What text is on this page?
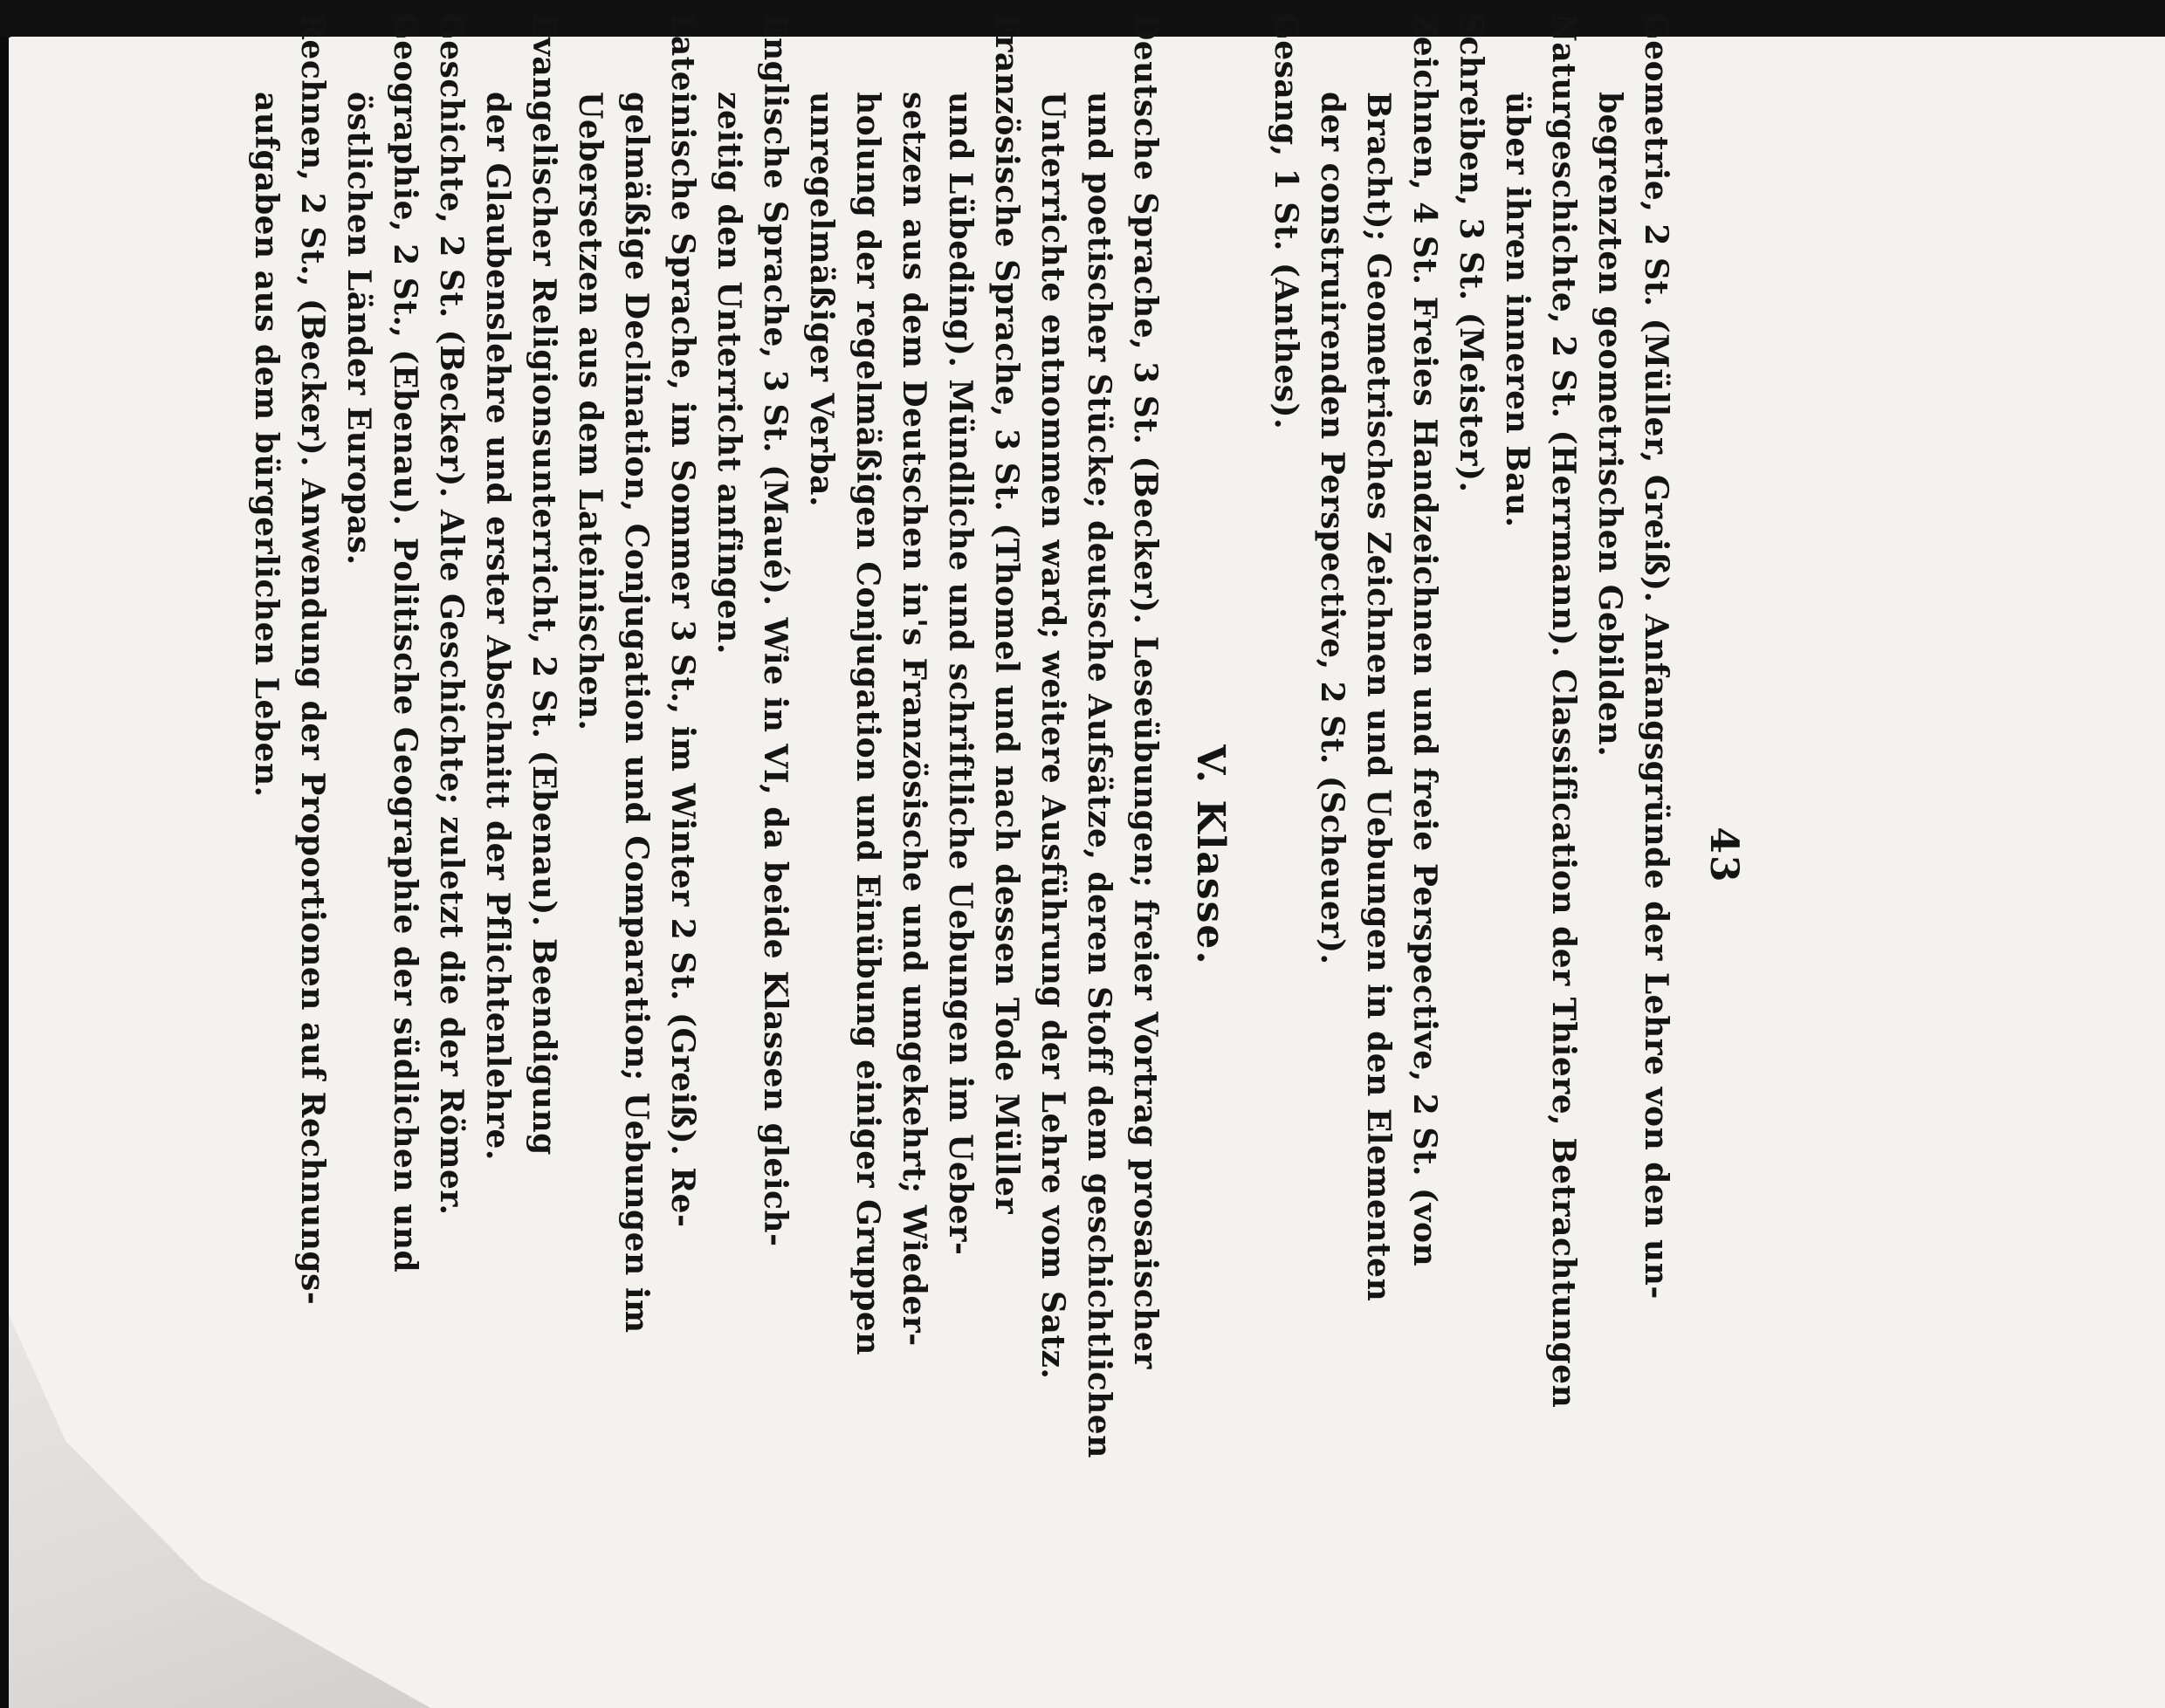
43
Geometrie, 2 St. (Müller, Greiß). Anfangsgründe der Lehre von den un-
begrenzten geometrischen Gebilden.
Naturgeschichte, 2 St. (Herrmann). Classification der Thiere, Betrachtungen
über ihren inneren Bau.
Schreiben, 3 St. (Meister).
Zeichnen, 4 St. Freies Handzeichnen und freie Perspective, 2 St. (von
Bracht); Geometrisches Zeichnen und Uebungen in den Elementen
der construirenden Perspective, 2 St. (Scheuer).
Gesang, 1 St. (Anthes).
V. Klasse.
Deutsche Sprache, 3 St. (Becker). Leseübungen; freier Vortrag prosaischer
und poetischer Stücke; deutsche Aufsätze, deren Stoff dem geschichtlichen
Unterrichte entnommen ward; weitere Ausführung der Lehre vom Satz.
Französische Sprache, 3 St. (Thomel und nach dessen Tode Müller
und Lübeding). Mündliche und schriftliche Uebungen im Ueber-
setzen aus dem Deutschen in's Französische und umgekehrt; Wieder-
holung der regelmäßigen Conjugation und Einübung einiger Gruppen
unregelmäßiger Verba.
Englische Sprache, 3 St. (Maué). Wie in VI, da beide Klassen gleich-
zeitig den Unterricht anfingen.
Lateinische Sprache, im Sommer 3 St., im Winter 2 St. (Greiß). Re-
gelmäßige Declination, Conjugation und Comparation; Uebungen im
Uebersetzen aus dem Lateinischen.
Evangelischer Religionsunterricht, 2 St. (Ebenau). Beendigung
der Glaubenslehre und erster Abschnitt der Pflichtenlehre.
Geschichte, 2 St. (Becker). Alte Geschichte; zuletzt die der Römer.
Geographie, 2 St., (Ebenau). Politische Geographie der südlichen und
östlichen Länder Europas.
Rechnen, 2 St., (Becker). Anwendung der Proportionen auf Rechnungs-
aufgaben aus dem bürgerlichen Leben.
